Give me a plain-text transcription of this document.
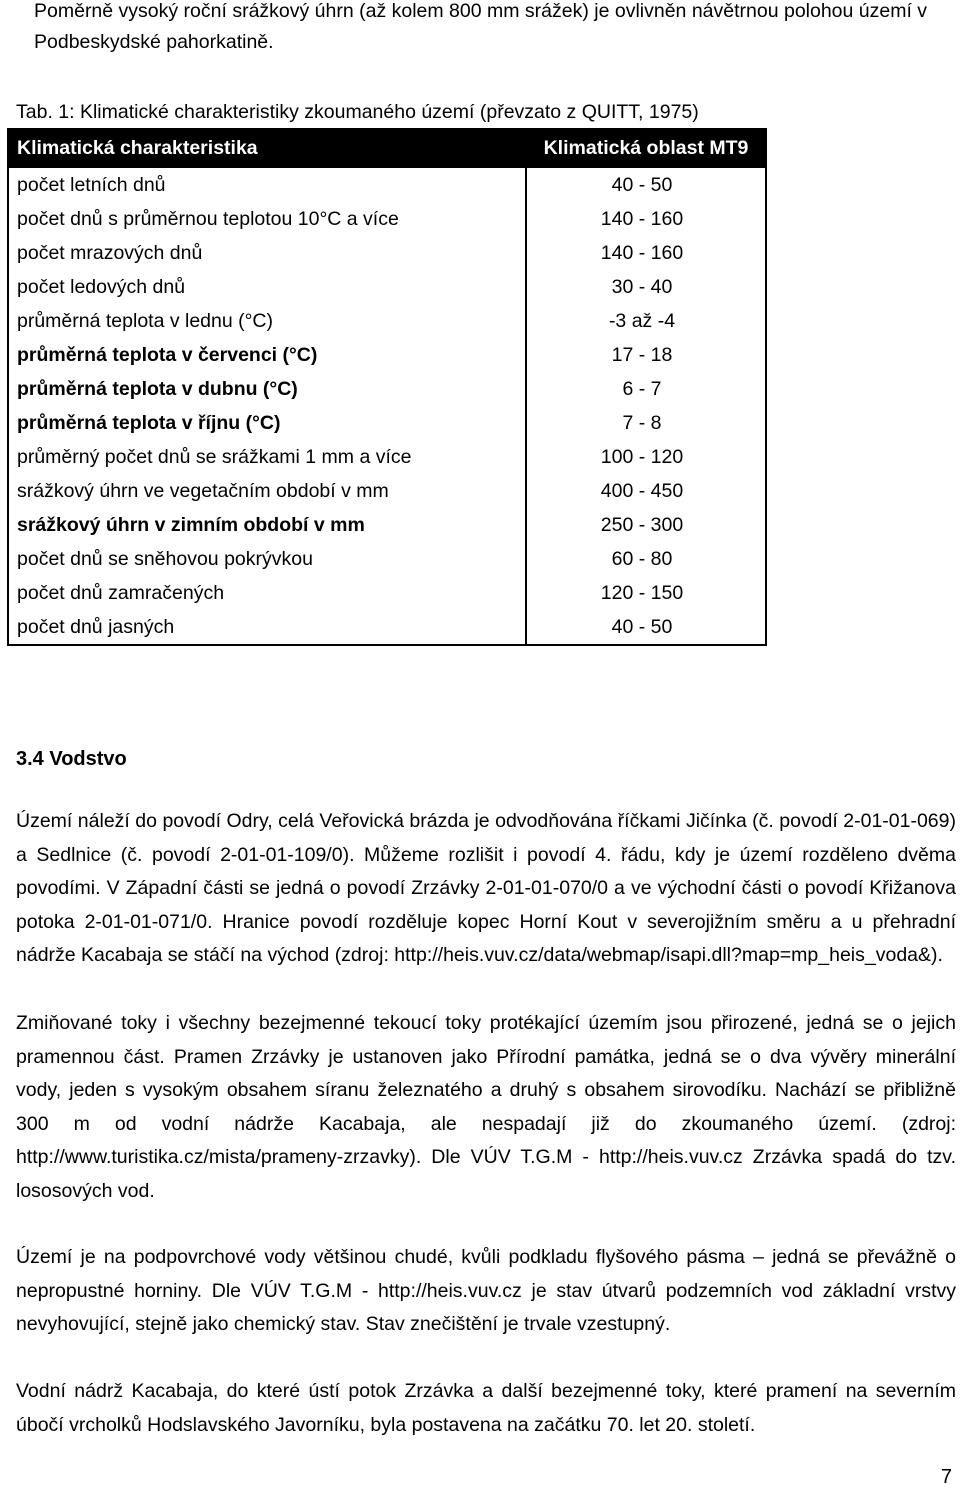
Poměrně vysoký roční srážkový úhrn (až kolem 800 mm srážek) je ovlivněn návětrnou polohou území v Podbeskydské pahorkatině.
Tab. 1: Klimatické charakteristiky zkoumaného území (převzato z QUITT, 1975)
Klimatická charakteristika	Klimatická oblast MT9
počet letních dnů	40 - 50
počet dnů s průměrnou teplotou 10°C a více	140 - 160
počet mrazových dnů	140 - 160
počet ledových dnů	30 - 40
průměrná teplota v lednu (°C)	-3 až -4
průměrná teplota v červenci (°C)	17 - 18
průměrná teplota v dubnu (°C)	6 - 7
průměrná teplota v říjnu (°C)	7 - 8
průměrný počet dnů se srážkami 1 mm a více	100 - 120
srážkový úhrn ve vegetačním období v mm	400 - 450
srážkový úhrn v zimním období v mm	250 - 300
počet dnů se sněhovou pokrývkou	60 - 80
počet dnů zamračených	120 - 150
počet dnů jasných	40 - 50
3.4 Vodstvo

Území náleží do povodí Odry, celá Veřovická brázda je odvodňována říčkami Jičínka (č. povodí 2-01-01-069) a Sedlnice (č. povodí 2-01-01-109/0). Můžeme rozlišit i povodí 4. řádu, kdy je území rozděleno dvěma povodími. V Západní části se jedná o povodí Zrzávky 2-01-01-070/0 a ve východní části o povodí Křižanova potoka 2-01-01-071/0. Hranice povodí rozděluje kopec Horní Kout v severojižním směru a u přehradní nádrže Kacabaja se stáčí na východ (zdroj: http://heis.vuv.cz/data/webmap/isapi.dll?map=mp_heis_voda&).

Zmiňované toky i všechny bezejmenné tekoucí toky protékající územím jsou přirozené, jedná se o jejich pramennou část. Pramen Zrzávky je ustanoven jako Přírodní památka, jedná se o dva vývěry minerální vody, jeden s vysokým obsahem síranu železnatého a druhý s obsahem sirovodíku. Nachází se přibližně 300 m od vodní nádrže Kacabaja, ale nespadají již do zkoumaného území. (zdroj: http://www.turistika.cz/mista/prameny-zrzavky). Dle VÚV T.G.M - http://heis.vuv.cz Zrzávka spadá do tzv. lososových vod.

Území je na podpovrchové vody většinou chudé, kvůli podkladu flyšového pásma – jedná se převážně o nepropustné horniny. Dle VÚV T.G.M - http://heis.vuv.cz je stav útvarů podzemních vod základní vrstvy nevyhovující, stejně jako chemický stav. Stav znečištění je trvale vzestupný.

Vodní nádrž Kacabaja, do které ústí potok Zrzávka a další bezejmenné toky, které pramení na severním úbočí vrcholků Hodslavského Javorníku, byla postavena na začátku 70. let 20. století.

7
